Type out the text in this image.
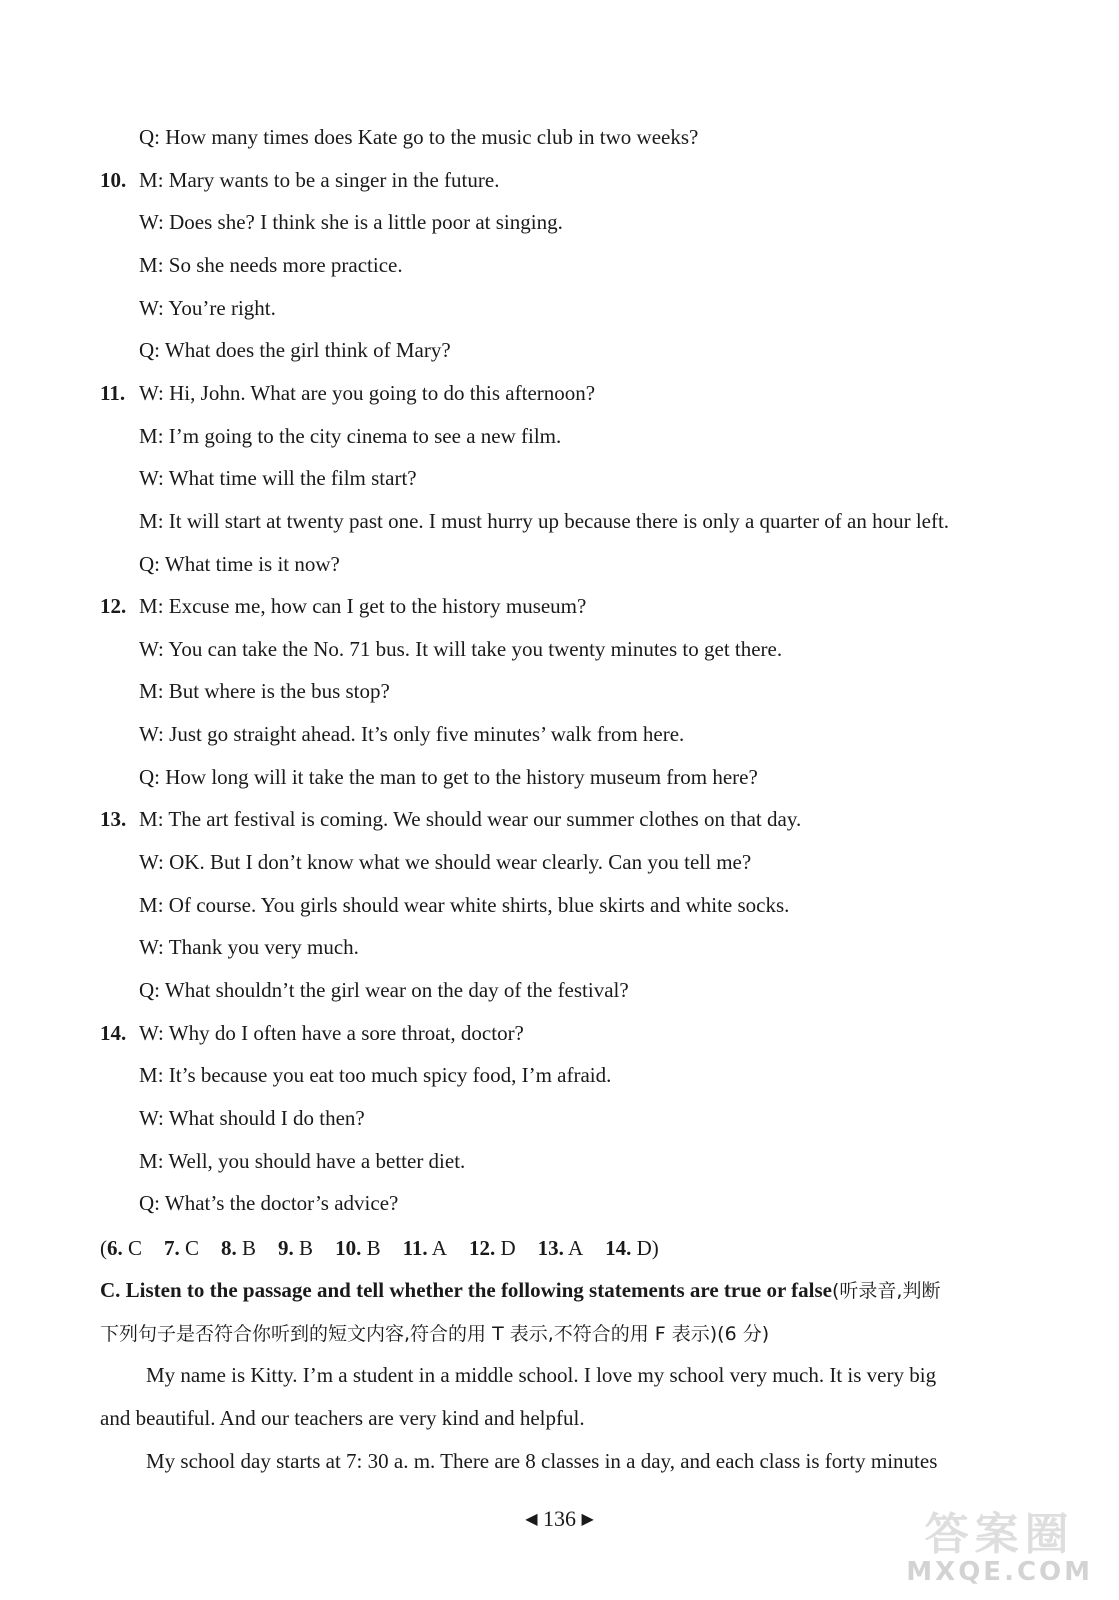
Q: How many times does Kate go to the music club in two weeks?
10. M: Mary wants to be a singer in the future.
W: Does she? I think she is a little poor at singing.
M: So she needs more practice.
W: You’re right.
Q: What does the girl think of Mary?
11. W: Hi, John. What are you going to do this afternoon?
M: I’m going to the city cinema to see a new film.
W: What time will the film start?
M: It will start at twenty past one. I must hurry up because there is only a quarter of an hour left.
Q: What time is it now?
12. M: Excuse me, how can I get to the history museum?
W: You can take the No. 71 bus. It will take you twenty minutes to get there.
M: But where is the bus stop?
W: Just go straight ahead. It’s only five minutes’ walk from here.
Q: How long will it take the man to get to the history museum from here?
13. M: The art festival is coming. We should wear our summer clothes on that day.
W: OK. But I don’t know what we should wear clearly. Can you tell me?
M: Of course. You girls should wear white shirts, blue skirts and white socks.
W: Thank you very much.
Q: What shouldn’t the girl wear on the day of the festival?
14. W: Why do I often have a sore throat, doctor?
M: It’s because you eat too much spicy food, I’m afraid.
W: What should I do then?
M: Well, you should have a better diet.
Q: What’s the doctor’s advice?
(6. C 7. C 8. B 9. B 10. B 11. A 12. D 13. A 14. D)
C. Listen to the passage and tell whether the following statements are true or false(听录音,判断
下列句子是否符合你听到的短文内容,符合的用 T 表示,不符合的用 F 表示)(6 分)
My name is Kitty. I’m a student in a middle school. I love my school very much. It is very big
and beautiful. And our teachers are very kind and helpful.
My school day starts at 7: 30 a. m. There are 8 classes in a day, and each class is forty minutes
◀ 136 ▶	答案圈
MXQE.COM
